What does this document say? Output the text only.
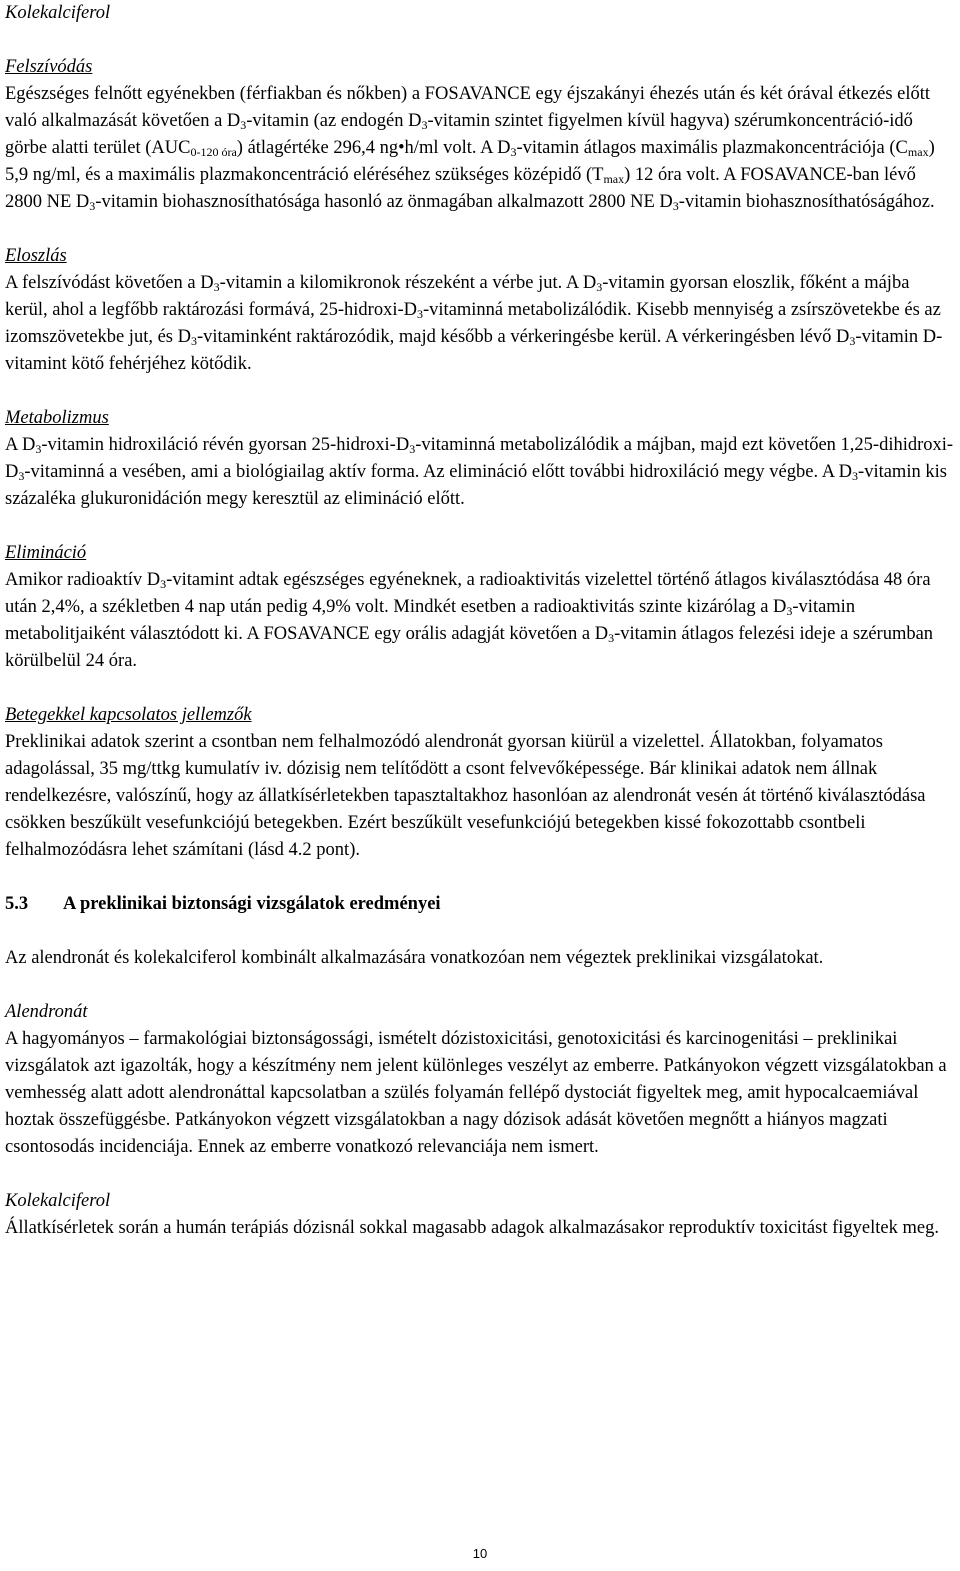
Kolekalciferol

Felszívódás

Egészséges felnőtt egyénekben (férfiakban és nőkben) a FOSAVANCE egy éjszakányi éhezés után és két órával étkezés előtt való alkalmazását követően a $D_3$-vitamin (az endogén $D_3$-vitamin szintet figyelmen kívül hagyva) szérumkoncentráció-idő görbe alatti terület $(AUC_{0-120 óra})$ átlagértéke 296,4 ng•h/ml volt. A $D_3$-vitamin átlagos maximális plazmakoncentrációja $(C_{max})$ 5,9 ng/ml, és a maximális plazmakoncentráció eléréséhez szükséges középidő $(T_{max})$ 12 óra volt. A FOSAVANCE-ban lévő 2800 NE $D_3$-vitamin biohasznosíthatósága hasonló az önmagában alkalmazott 2800 NE $D_3$-vitamin biohasznosíthatóságához.

Eloszlás

A felszívódást követően a $D_3$-vitamin a kilomikronok részeként a vérbe jut. A $D_3$-vitamin gyorsan eloszlik, főként a májba kerül, ahol a legfőbb raktározási formává, $25-hidroxi-D_3$-vitaminná metabolizálódik. Kisebb mennyiség a zsírszövetekbe és az izomszövetekbe jut, és $D_3$-vitaminként raktározódik, majd később a vérkeringésbe kerül. A vérkeringésben lévő $D_3$-vitamin D-vitamint kötő fehérjéhez kötődik.

Metabolizmus

A $D_3$-vitamin hidroxiláció révén gyorsan $25-hidroxi-D_3$-vitaminná metabolizálódik a májban, majd ezt követően $1,25-dihidroxi-D_3$-vitaminná a vesében, ami a biológiailag aktív forma. Az elimináció előtt további hidroxiláció megy végbe. A $D_3$-vitamin kis százaléka glukuronidáción megy keresztül az elimináció előtt.

Elimináció

Amikor radioaktív $D_3$-vitamint adtak egészséges egyéneknek, a radioaktivitás vizelettel történő átlagos kiválasztódása 48 óra után 2,4%, a székletben 4 nap után pedig 4,9% volt. Mindkét esetben a radioaktivitás szinte kizárólag a $D_3$-vitamin metabolitjaiként választódott ki. A FOSAVANCE egy orális adagját követően a $D_3$-vitamin átlagos felezési ideje a szérumban körülbelül 24 óra.

Betegekkel kapcsolatos jellemzők

Preklinikai adatok szerint a csontban nem felhalmozódó alendronát gyorsan kiürül a vizelettel. Állatokban, folyamatos adagolással, 35 mg/ttkg kumulatív iv. dózisig nem telítődött a csont felvevőképessége. Bár klinikai adatok nem állnak rendelkezésre, valószínű, hogy az állatkísérletekben tapasztaltakhoz hasonlóan az alendronát vesén át történő kiválasztódása csökken beszűkült vesefunkciójú betegekben. Ezért beszűkült vesefunkciójú betegekben kissé fokozottabb csontbeli felhalmozódásra lehet számítani (lásd 4.2 pont).

5.3	A preklinikai biztonsági vizsgálatok eredményei

Az alendronát és kolekalciferol kombinált alkalmazására vonatkozóan nem végeztek preklinikai vizsgálatokat.

Alendronát

A hagyományos – farmakológiai biztonságossági, ismételt dózistoxicitási, genotoxicitási és karcinogenitási – preklinikai vizsgálatok azt igazolták, hogy a készítmény nem jelent különleges veszélyt az emberre. Patkányokon végzett vizsgálatokban a vemhesség alatt adott alendronáttal kapcsolatban a szülés folyamán fellépő dystociát figyeltek meg, amit hypocalcaemiával hoztak összefüggésbe. Patkányokon végzett vizsgálatokban a nagy dózisok adását követően megnőtt a hiányos magzati csontosodás incidenciája. Ennek az emberre vonatkozó relevanciája nem ismert.

Kolekalciferol

Állatkísérletek során a humán terápiás dózisnál sokkal magasabb adagok alkalmazásakor reproduktív toxicitást figyeltek meg.

10
